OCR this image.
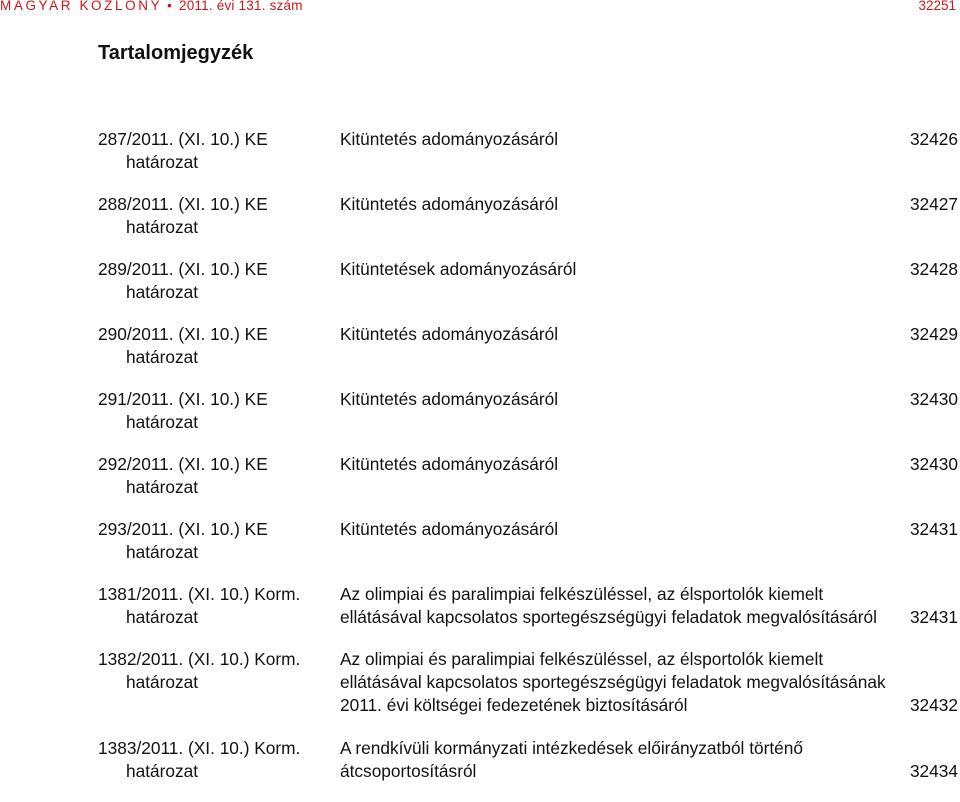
MAGYAR KÖZLÖNY • 2011. évi 131. szám	32251
Tartalomjegyzék
287/2011. (XI. 10.) KE
határozat
Kitüntetés adományozásáról	32426
288/2011. (XI. 10.) KE
határozat
Kitüntetés adományozásáról	32427
289/2011. (XI. 10.) KE
határozat
Kitüntetések adományozásáról	32428
290/2011. (XI. 10.) KE
határozat
Kitüntetés adományozásáról	32429
291/2011. (XI. 10.) KE
határozat
Kitüntetés adományozásáról	32430
292/2011. (XI. 10.) KE
határozat
Kitüntetés adományozásáról	32430
293/2011. (XI. 10.) KE
határozat
Kitüntetés adományozásáról	32431
1381/2011. (XI. 10.) Korm.
határozat
Az olimpiai és paralimpiai felkészüléssel, az élsportolók kiemelt ellátásával kapcsolatos sportegészségügyi feladatok megvalósításáról	32431
1382/2011. (XI. 10.) Korm.
határozat
Az olimpiai és paralimpiai felkészüléssel, az élsportolók kiemelt ellátásával kapcsolatos sportegészségügyi feladatok megvalósításának 2011. évi költségei fedezetének biztosításáról	32432
1383/2011. (XI. 10.) Korm.
határozat
A rendkívüli kormányzati intézkedések előirányzatból történő átcsoportosításról	32434
